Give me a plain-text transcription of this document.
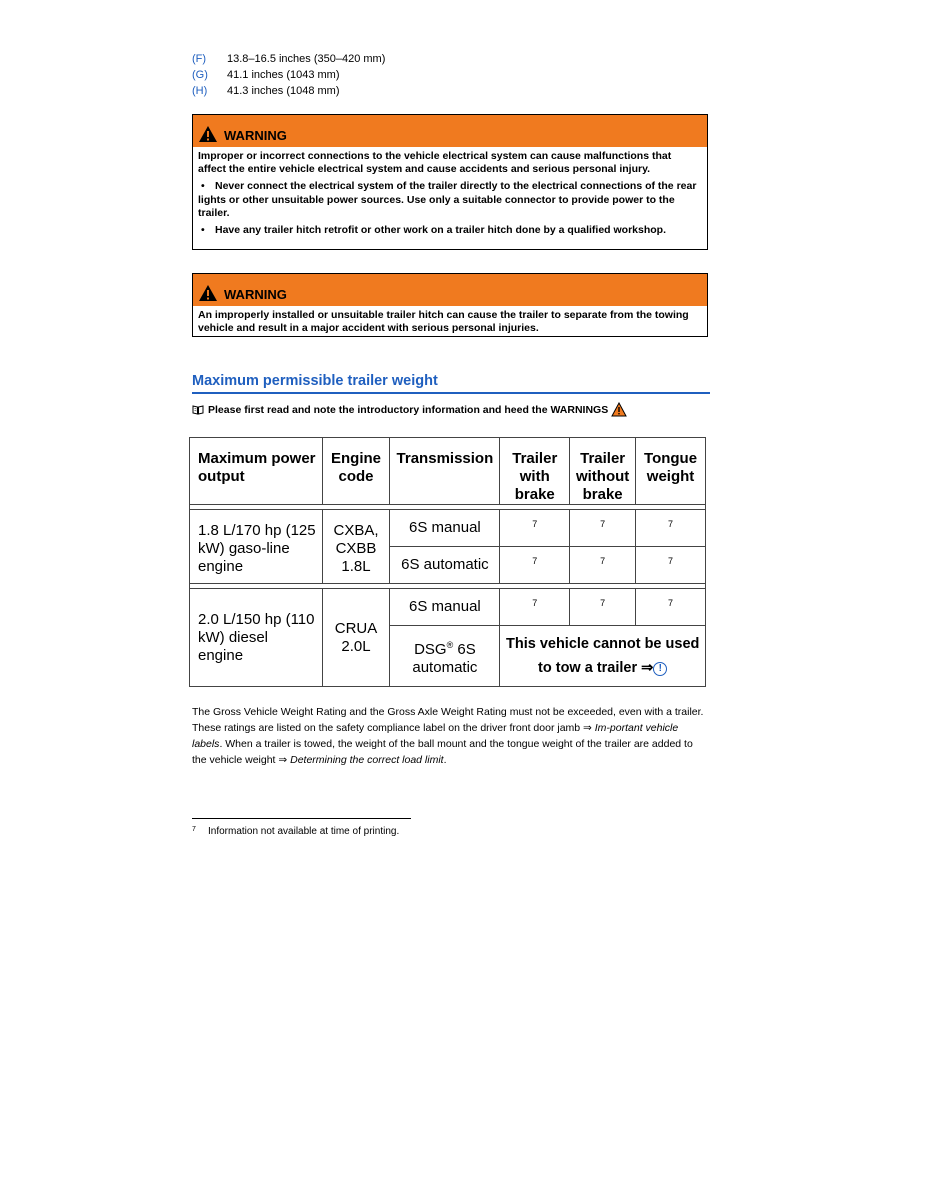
(F)	13.8–16.5 inches (350–420 mm)
(G)	41.1 inches (1043 mm)
(H)	41.3 inches (1048 mm)
WARNING
Improper or incorrect connections to the vehicle electrical system can cause malfunctions that affect the entire vehicle electrical system and cause accidents and serious personal injury.
• Never connect the electrical system of the trailer directly to the electrical connections of the rear lights or other unsuitable power sources. Use only a suitable connector to provide power to the trailer.
• Have any trailer hitch retrofit or other work on a trailer hitch done by a qualified workshop.
WARNING
An improperly installed or unsuitable trailer hitch can cause the trailer to separate from the towing vehicle and result in a major accident with serious personal injuries.
Maximum permissible trailer weight
Please first read and note the introductory information and heed the WARNINGS
Maximum power output	Engine code	Transmission	Trailer with brake	Trailer without brake	Tongue weight

1.8 L/170 hp (125 kW) gaso-line engine	CXBA, CXBB 1.8L	6S manual	7	7	7
		6S automatic	7	7	7

2.0 L/150 hp (110 kW) diesel engine	CRUA 2.0L	6S manual	7	7	7
		DSG® 6S automatic	This vehicle cannot be used to tow a trailer ⇒ !		
The Gross Vehicle Weight Rating and the Gross Axle Weight Rating must not be exceeded, even with a trailer. These ratings are listed on the safety compliance label on the driver front door jamb ⇒ Im-portant vehicle labels. When a trailer is towed, the weight of the ball mount and the tongue weight of the trailer are added to the vehicle weight ⇒ Determining the correct load limit.
7	Information not available at time of printing.
